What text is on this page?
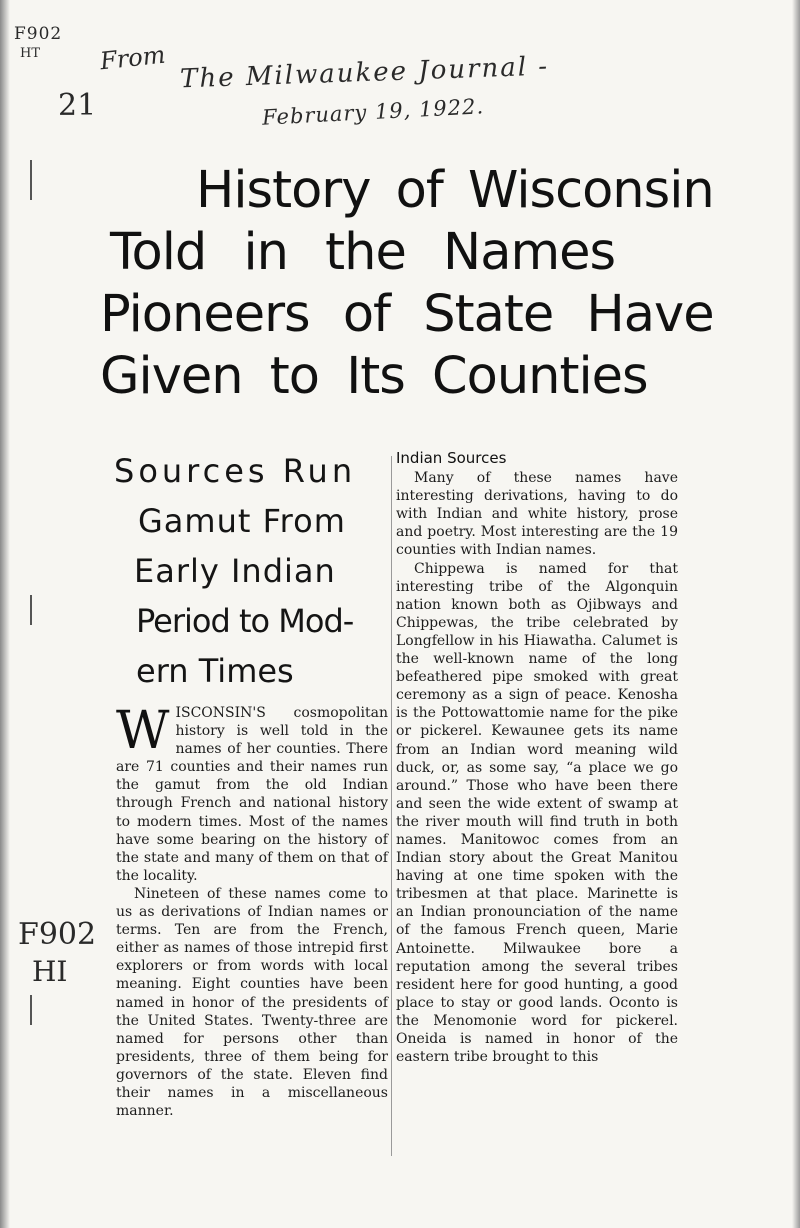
F902
HT From The Milwaukee Journal -
February 19, 1922.
21
F902
HI
History of Wisconsin
Told in the Names
Pioneers of State Have
Given to Its Counties
Sources Run
Gamut From
Early Indian
Period to Mod-
ern Times

WISCONSIN'S cosmopolitan history is well told in the names of her counties. There are 71 counties and their names run the gamut from the old Indian through French and national history to modern times. Most of the names have some bearing on the history of the state and many of them on that of the locality.

Nineteen of these names come to us as derivations of Indian names or terms. Ten are from the French, either as names of those intrepid first explorers or from words with local meaning. Eight counties have been named in honor of the presidents of the United States. Twenty-three are named for persons other than presidents, three of them being for governors of the state. Eleven find their names in a miscellaneous manner.

Indian Sources

Many of these names have interesting derivations, having to do with Indian and white history, prose and poetry. Most interesting are the 19 counties with Indian names.

Chippewa is named for that interesting tribe of the Algonquin nation known both as Ojibways and Chippewas, the tribe celebrated by Longfellow in his Hiawatha. Calumet is the well-known name of the long befeathered pipe smoked with great ceremony as a sign of peace. Kenosha is the Pottowattomie name for the pike or pickerel. Kewaunee gets its name from an Indian word meaning wild duck, or, as some say, “a place we go around.” Those who have been there and seen the wide extent of swamp at the river mouth will find truth in both names. Manitowoc comes from an Indian story about the Great Manitou having at one time spoken with the tribesmen at that place. Marinette is an Indian pronounciation of the name of the famous French queen, Marie Antoinette. Milwaukee bore a reputation among the several tribes resident here for good hunting, a good place to stay or good lands. Oconto is the Menomonie word for pickerel. Oneida is named in honor of the eastern tribe brought to this
